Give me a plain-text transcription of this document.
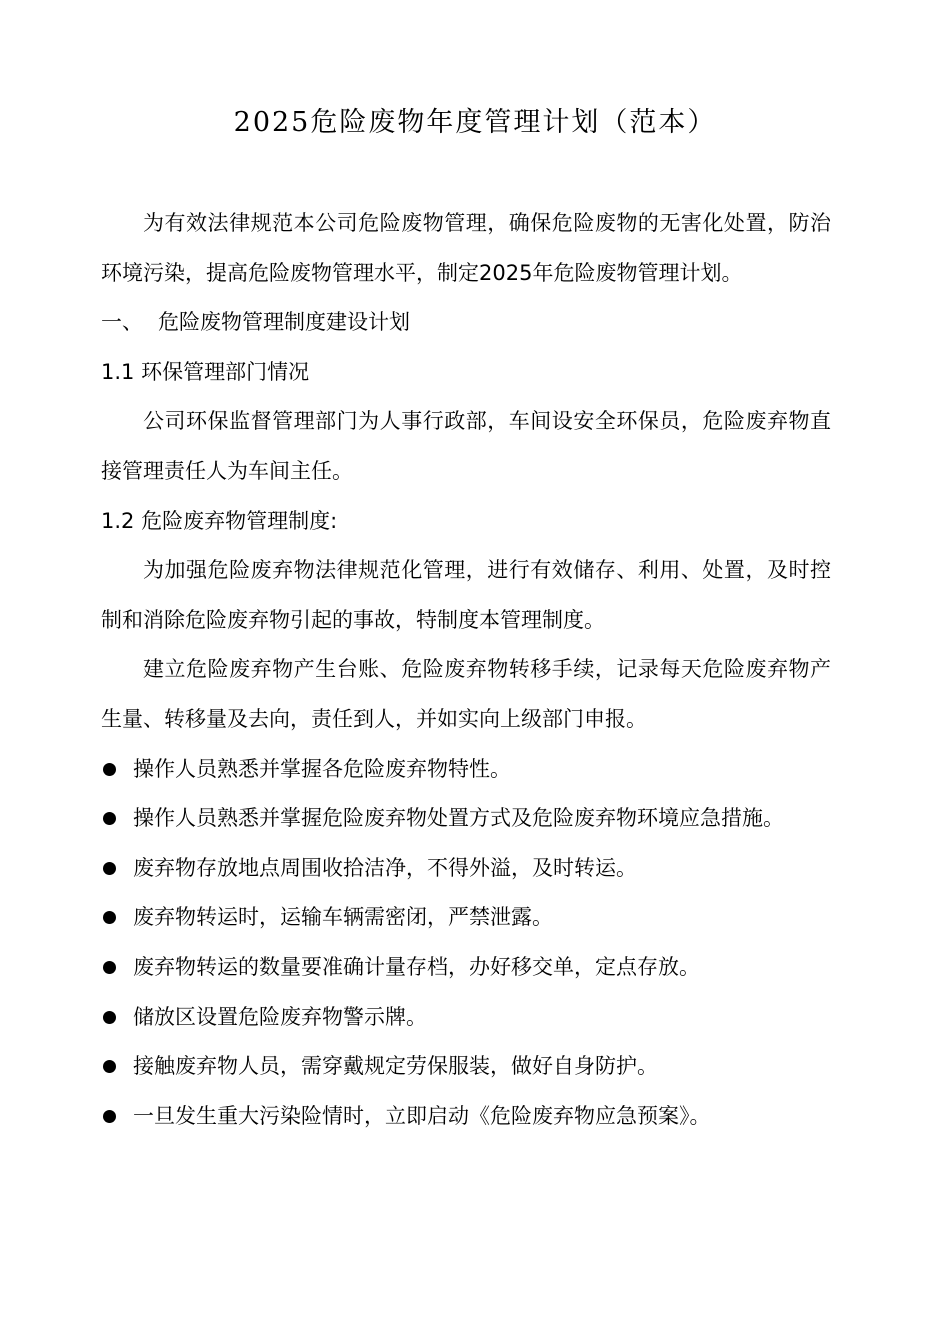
2025危险废物年度管理计划（范本）

为有效法律规范本公司危险废物管理，确保危险废物的无害化处置，防治环境污染，提高危险废物管理水平，制定2025年危险废物管理计划。

一、 危险废物管理制度建设计划

1.1 环保管理部门情况

公司环保监督管理部门为人事行政部，车间设安全环保员，危险废弃物直接管理责任人为车间主任。

1.2 危险废弃物管理制度:

为加强危险废弃物法律规范化管理，进行有效储存、利用、处置，及时控制和消除危险废弃物引起的事故，特制度本管理制度。

建立危险废弃物产生台账、危险废弃物转移手续，记录每天危险废弃物产生量、转移量及去向，责任到人，并如实向上级部门申报。

操作人员熟悉并掌握各危险废弃物特性。
操作人员熟悉并掌握危险废弃物处置方式及危险废弃物环境应急措施。
废弃物存放地点周围收拾洁净，不得外溢，及时转运。
废弃物转运时，运输车辆需密闭，严禁泄露。
废弃物转运的数量要准确计量存档，办好移交单，定点存放。
储放区设置危险废弃物警示牌。
接触废弃物人员，需穿戴规定劳保服装，做好自身防护。
一旦发生重大污染险情时，立即启动《危险废弃物应急预案》。
